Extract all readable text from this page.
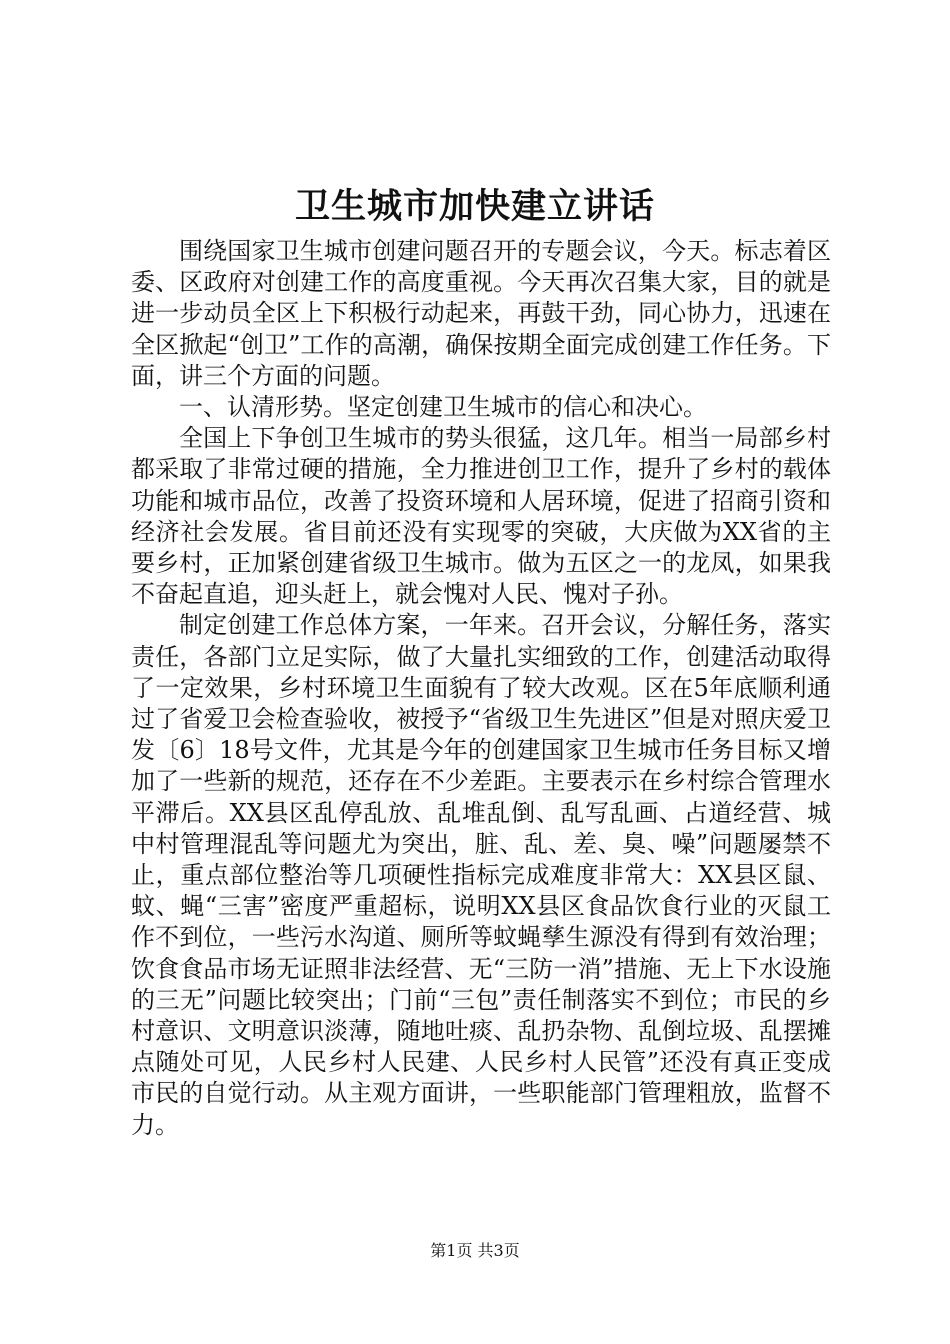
卫生城市加快建立讲话

围绕国家卫生城市创建问题召开的专题会议，今天。标志着区委、区政府对创建工作的高度重视。今天再次召集大家，目的就是进一步动员全区上下积极行动起来，再鼓干劲，同心协力，迅速在全区掀起“创卫”工作的高潮，确保按期全面完成创建工作任务。下面，讲三个方面的问题。

一、认清形势。坚定创建卫生城市的信心和决心。

全国上下争创卫生城市的势头很猛，这几年。相当一局部乡村都采取了非常过硬的措施，全力推进创卫工作，提升了乡村的载体功能和城市品位，改善了投资环境和人居环境，促进了招商引资和经济社会发展。省目前还没有实现零的突破，大庆做为XX省的主要乡村，正加紧创建省级卫生城市。做为五区之一的龙凤，如果我不奋起直追，迎头赶上，就会愧对人民、愧对子孙。

制定创建工作总体方案，一年来。召开会议，分解任务，落实责任，各部门立足实际，做了大量扎实细致的工作，创建活动取得了一定效果，乡村环境卫生面貌有了较大改观。区在5年底顺利通过了省爱卫会检查验收，被授予“省级卫生先进区”但是对照庆爱卫发〔6〕18号文件，尤其是今年的创建国家卫生城市任务目标又增加了一些新的规范，还存在不少差距。主要表示在乡村综合管理水平滞后。XX县区乱停乱放、乱堆乱倒、乱写乱画、占道经营、城中村管理混乱等问题尤为突出，脏、乱、差、臭、噪”问题屡禁不止，重点部位整治等几项硬性指标完成难度非常大：XX县区鼠、蚊、蝇“三害”密度严重超标，说明XX县区食品饮食行业的灭鼠工作不到位，一些污水沟道、厕所等蚊蝇孳生源没有得到有效治理；饮食食品市场无证照非法经营、无“三防一消”措施、无上下水设施的三无”问题比较突出；门前“三包”责任制落实不到位；市民的乡村意识、文明意识淡薄，随地吐痰、乱扔杂物、乱倒垃圾、乱摆摊点随处可见，人民乡村人民建、人民乡村人民管”还没有真正变成市民的自觉行动。从主观方面讲，一些职能部门管理粗放，监督不力。

第1页 共3页
